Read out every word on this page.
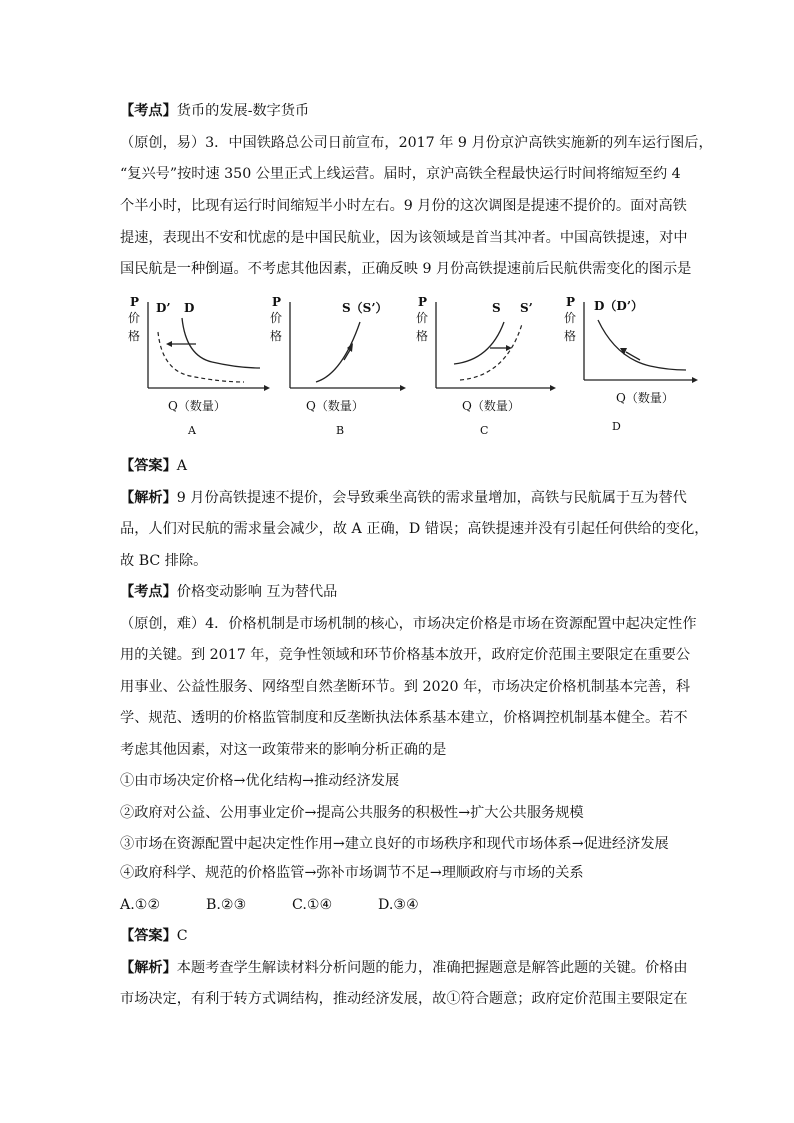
【考点】货币的发展-数字货币
（原创，易）3．中国铁路总公司日前宣布，2017 年 9 月份京沪高铁实施新的列车运行图后，
“复兴号”按时速 350 公里正式上线运营。届时，京沪高铁全程最快运行时间将缩短至约 4
个半小时，比现有运行时间缩短半小时左右。9 月份的这次调图是提速不提价的。面对高铁
提速，表现出不安和忧虑的是中国民航业，因为该领域是首当其冲者。中国高铁提速，对中
国民航是一种倒逼。不考虑其他因素，正确反映 9 月份高铁提速前后民航供需变化的图示是
P
价
格
D’ D
Q（数量）
A
P
价
格
S（S’）
Q（数量）
B
P
价
格
S S’
Q（数量）
C
P
价
格
D（D’）
Q（数量）
D
【答案】A
【解析】9 月份高铁提速不提价，会导致乘坐高铁的需求量增加，高铁与民航属于互为替代
品，人们对民航的需求量会减少，故 A 正确，D 错误；高铁提速并没有引起任何供给的变化，
故 BC 排除。
【考点】价格变动影响 互为替代品
（原创，难）4．价格机制是市场机制的核心，市场决定价格是市场在资源配置中起决定性作
用的关键。到 2017 年，竞争性领域和环节价格基本放开，政府定价范围主要限定在重要公
用事业、公益性服务、网络型自然垄断环节。到 2020 年，市场决定价格机制基本完善，科
学、规范、透明的价格监管制度和反垄断执法体系基本建立，价格调控机制基本健全。若不
考虑其他因素，对这一政策带来的影响分析正确的是
①由市场决定价格→优化结构→推动经济发展
②政府对公益、公用事业定价→提高公共服务的积极性→扩大公共服务规模
③市场在资源配置中起决定性作用→建立良好的市场秩序和现代市场体系→促进经济发展
④政府科学、规范的价格监管→弥补市场调节不足→理顺政府与市场的关系
A.①②	B.②③	C.①④	D.③④
【答案】C
【解析】本题考查学生解读材料分析问题的能力，准确把握题意是解答此题的关键。价格由
市场决定，有利于转方式调结构，推动经济发展，故①符合题意；政府定价范围主要限定在
